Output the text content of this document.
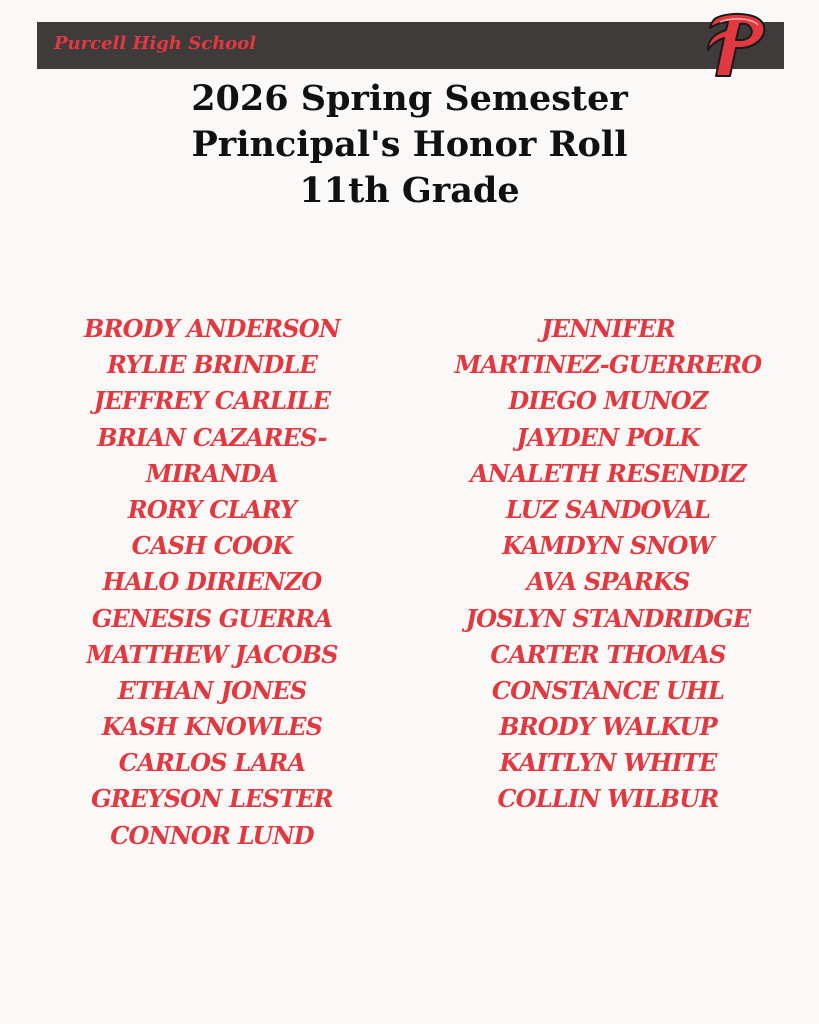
Purcell High School
2026 Spring Semester
Principal's Honor Roll
11th Grade
BRODY ANDERSON
RYLIE BRINDLE
JEFFREY CARLILE
BRIAN CAZARES-
MIRANDA
RORY CLARY
CASH COOK
HALO DIRIENZO
GENESIS GUERRA
MATTHEW JACOBS
ETHAN JONES
KASH KNOWLES
CARLOS LARA
GREYSON LESTER
CONNOR LUND
JENNIFER
MARTINEZ-GUERRERO
DIEGO MUNOZ
JAYDEN POLK
ANALETH RESENDIZ
LUZ SANDOVAL
KAMDYN SNOW
AVA SPARKS
JOSLYN STANDRIDGE
CARTER THOMAS
CONSTANCE UHL
BRODY WALKUP
KAITLYN WHITE
COLLIN WILBUR
